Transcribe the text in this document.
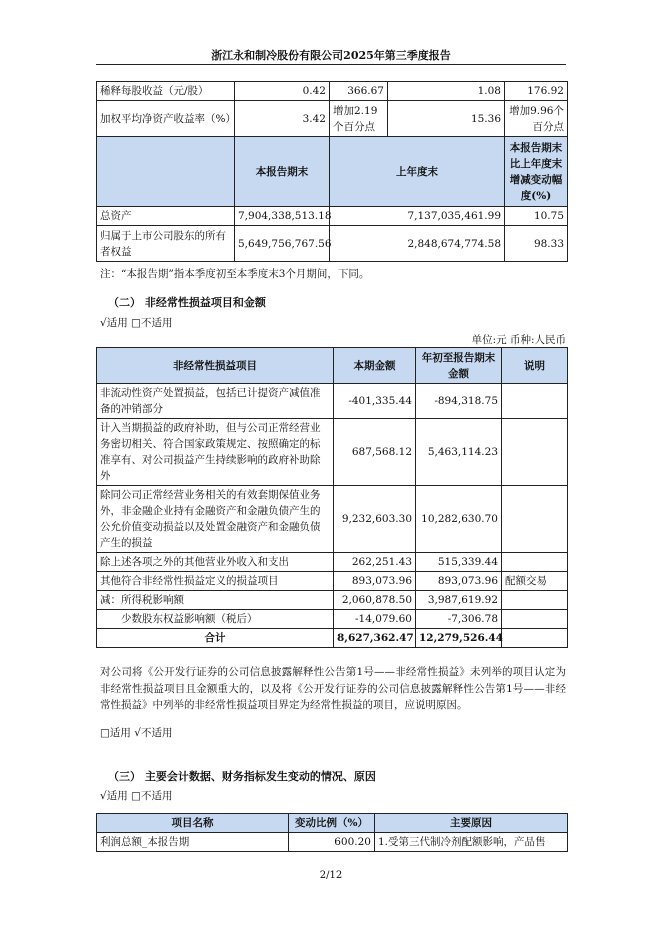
浙江永和制冷股份有限公司2025年第三季度报告
稀释每股收益（元/股）	0.42	366.67	1.08	176.92
加权平均净资产收益率（%）	3.42	增加2.19个百分点	15.36	增加9.96个百分点
	本报告期末	上年度末		本报告期末比上年度末增减变动幅度(%)
总资产	7,904,338,513.18	7,137,035,461.99		10.75
归属于上市公司股东的所有者权益	5,649,756,767.56	2,848,674,774.58		98.33
注：“本报告期”指本季度初至本季度末3个月期间，下同。
（二） 非经常性损益项目和金额
√适用 □不适用
单位:元 币种:人民币
非经常性损益项目	本期金额	年初至报告期末金额	说明
非流动性资产处置损益，包括已计提资产减值准备的冲销部分	-401,335.44	-894,318.75	
计入当期损益的政府补助，但与公司正常经营业务密切相关、符合国家政策规定、按照确定的标准享有、对公司损益产生持续影响的政府补助除外	687,568.12	5,463,114.23	
除同公司正常经营业务相关的有效套期保值业务外，非金融企业持有金融资产和金融负债产生的公允价值变动损益以及处置金融资产和金融负债产生的损益	9,232,603.30	10,282,630.70	
除上述各项之外的其他营业外收入和支出	262,251.43	515,339.44	
其他符合非经常性损益定义的损益项目	893,073.96	893,073.96	配额交易
减：所得税影响额	2,060,878.50	3,987,619.92	
少数股东权益影响额（税后）	-14,079.60	-7,306.78	
合计	8,627,362.47	12,279,526.44	
对公司将《公开发行证券的公司信息披露解释性公告第1号——非经常性损益》未列举的项目认定为非经常性损益项目且金额重大的，以及将《公开发行证券的公司信息披露解释性公告第1号——非经常性损益》中列举的非经常性损益项目界定为经常性损益的项目，应说明原因。
□适用 √不适用
（三） 主要会计数据、财务指标发生变动的情况、原因
√适用 □不适用
项目名称	变动比例（%）	主要原因
利润总额_本报告期	600.20	1.受第三代制冷剂配额影响，产品售
2/12
